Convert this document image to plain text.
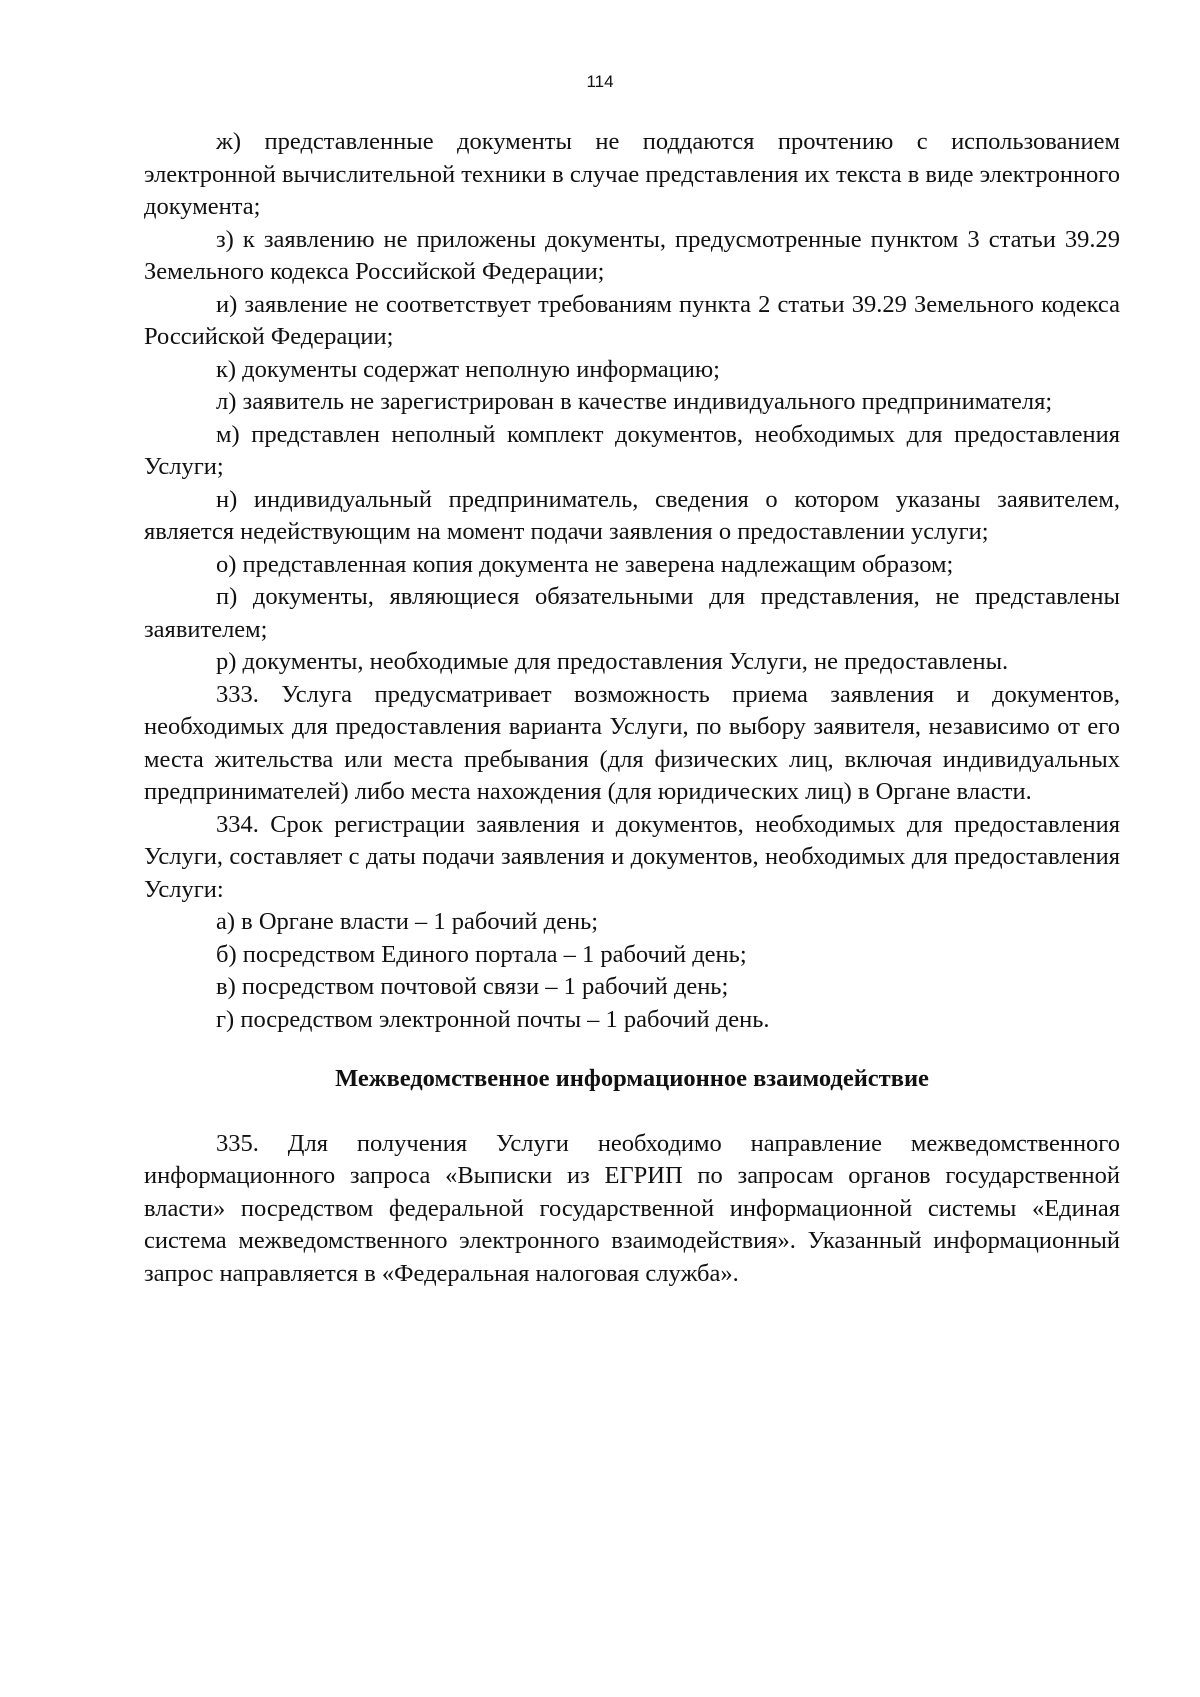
114

ж) представленные документы не поддаются прочтению с использованием электронной вычислительной техники в случае представления их текста в виде электронного документа;

з) к заявлению не приложены документы, предусмотренные пунктом 3 статьи 39.29 Земельного кодекса Российской Федерации;

и) заявление не соответствует требованиям пункта 2 статьи 39.29 Земельного кодекса Российской Федерации;

к) документы содержат неполную информацию;

л) заявитель не зарегистрирован в качестве индивидуального предпринимателя;

м) представлен неполный комплект документов, необходимых для предоставления Услуги;

н) индивидуальный предприниматель, сведения о котором указаны заявителем, является недействующим на момент подачи заявления о предоставлении услуги;

о) представленная копия документа не заверена надлежащим образом;

п) документы, являющиеся обязательными для представления, не представлены заявителем;

р) документы, необходимые для предоставления Услуги, не предоставлены.

333. Услуга предусматривает возможность приема заявления и документов, необходимых для предоставления варианта Услуги, по выбору заявителя, независимо от его места жительства или места пребывания (для физических лиц, включая индивидуальных предпринимателей) либо места нахождения (для юридических лиц) в Органе власти.

334. Срок регистрации заявления и документов, необходимых для предоставления Услуги, составляет с даты подачи заявления и документов, необходимых для предоставления Услуги:

а) в Органе власти – 1 рабочий день;

б) посредством Единого портала – 1 рабочий день;

в) посредством почтовой связи – 1 рабочий день;

г) посредством электронной почты – 1 рабочий день.

Межведомственное информационное взаимодействие

335. Для получения Услуги необходимо направление межведомственного информационного запроса «Выписки из ЕГРИП по запросам органов государственной власти» посредством федеральной государственной информационной системы «Единая система межведомственного электронного взаимодействия». Указанный информационный запрос направляется в «Федеральная налоговая служба».
